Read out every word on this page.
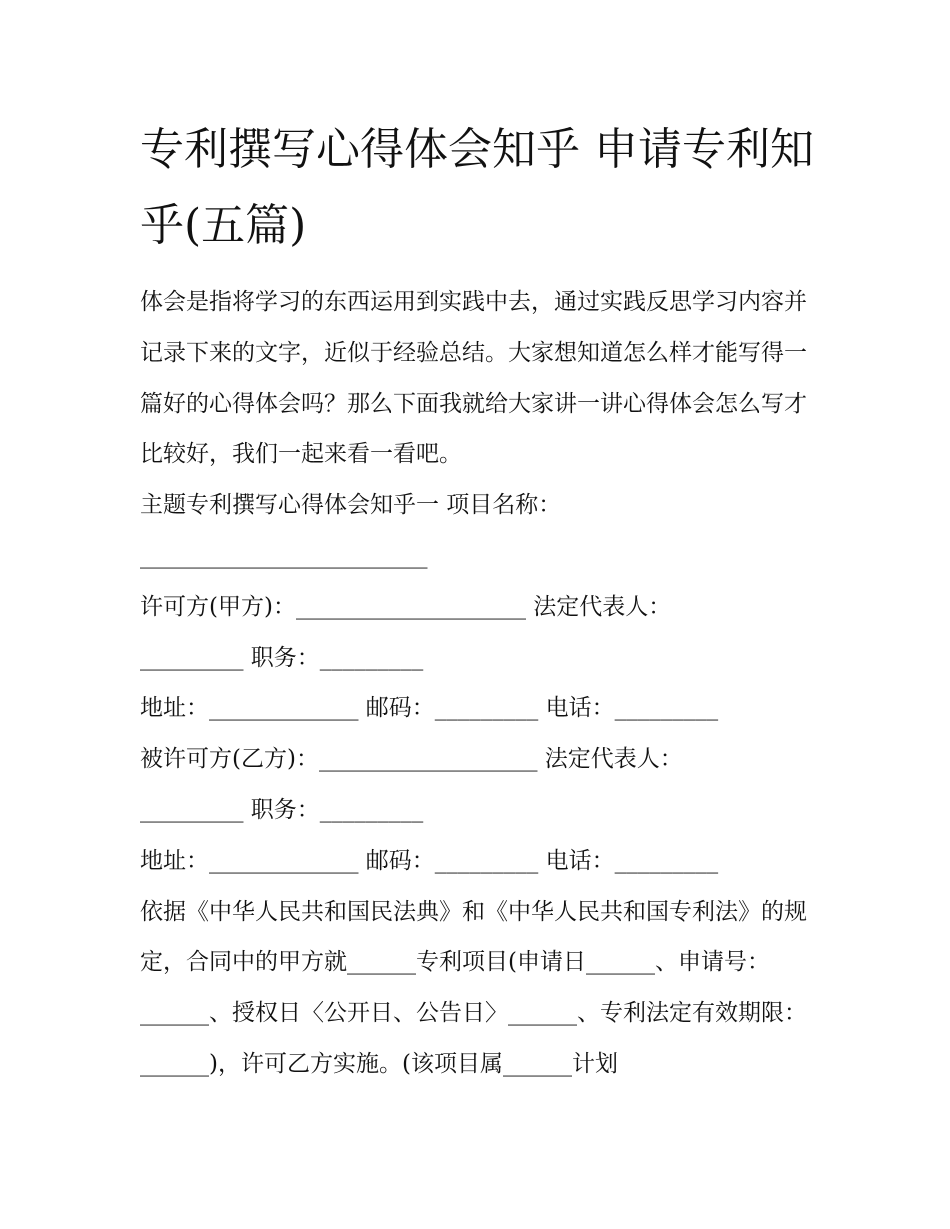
专利撰写心得体会知乎 申请专利知乎(五篇)

体会是指将学习的东西运用到实践中去，通过实践反思学习内容并记录下来的文字，近似于经验总结。大家想知道怎么样才能写得一篇好的心得体会吗？那么下面我就给大家讲一讲心得体会怎么写才比较好，我们一起来看一看吧。

主题专利撰写心得体会知乎一 项目名称：

_________________________

许可方(甲方)：____________________ 法定代表人：

_________ 职务：_________

地址：_____________ 邮码：_________ 电话：_________

被许可方(乙方)：___________________ 法定代表人：

_________ 职务：_________

地址：_____________ 邮码：_________ 电话：_________

依据《中华人民共和国民法典》和《中华人民共和国专利法》的规定，合同中的甲方就______专利项目(申请日______、申请号：______、授权日〈公开日、公告日〉______、专利法定有效期限：______)，许可乙方实施。(该项目属______计划
